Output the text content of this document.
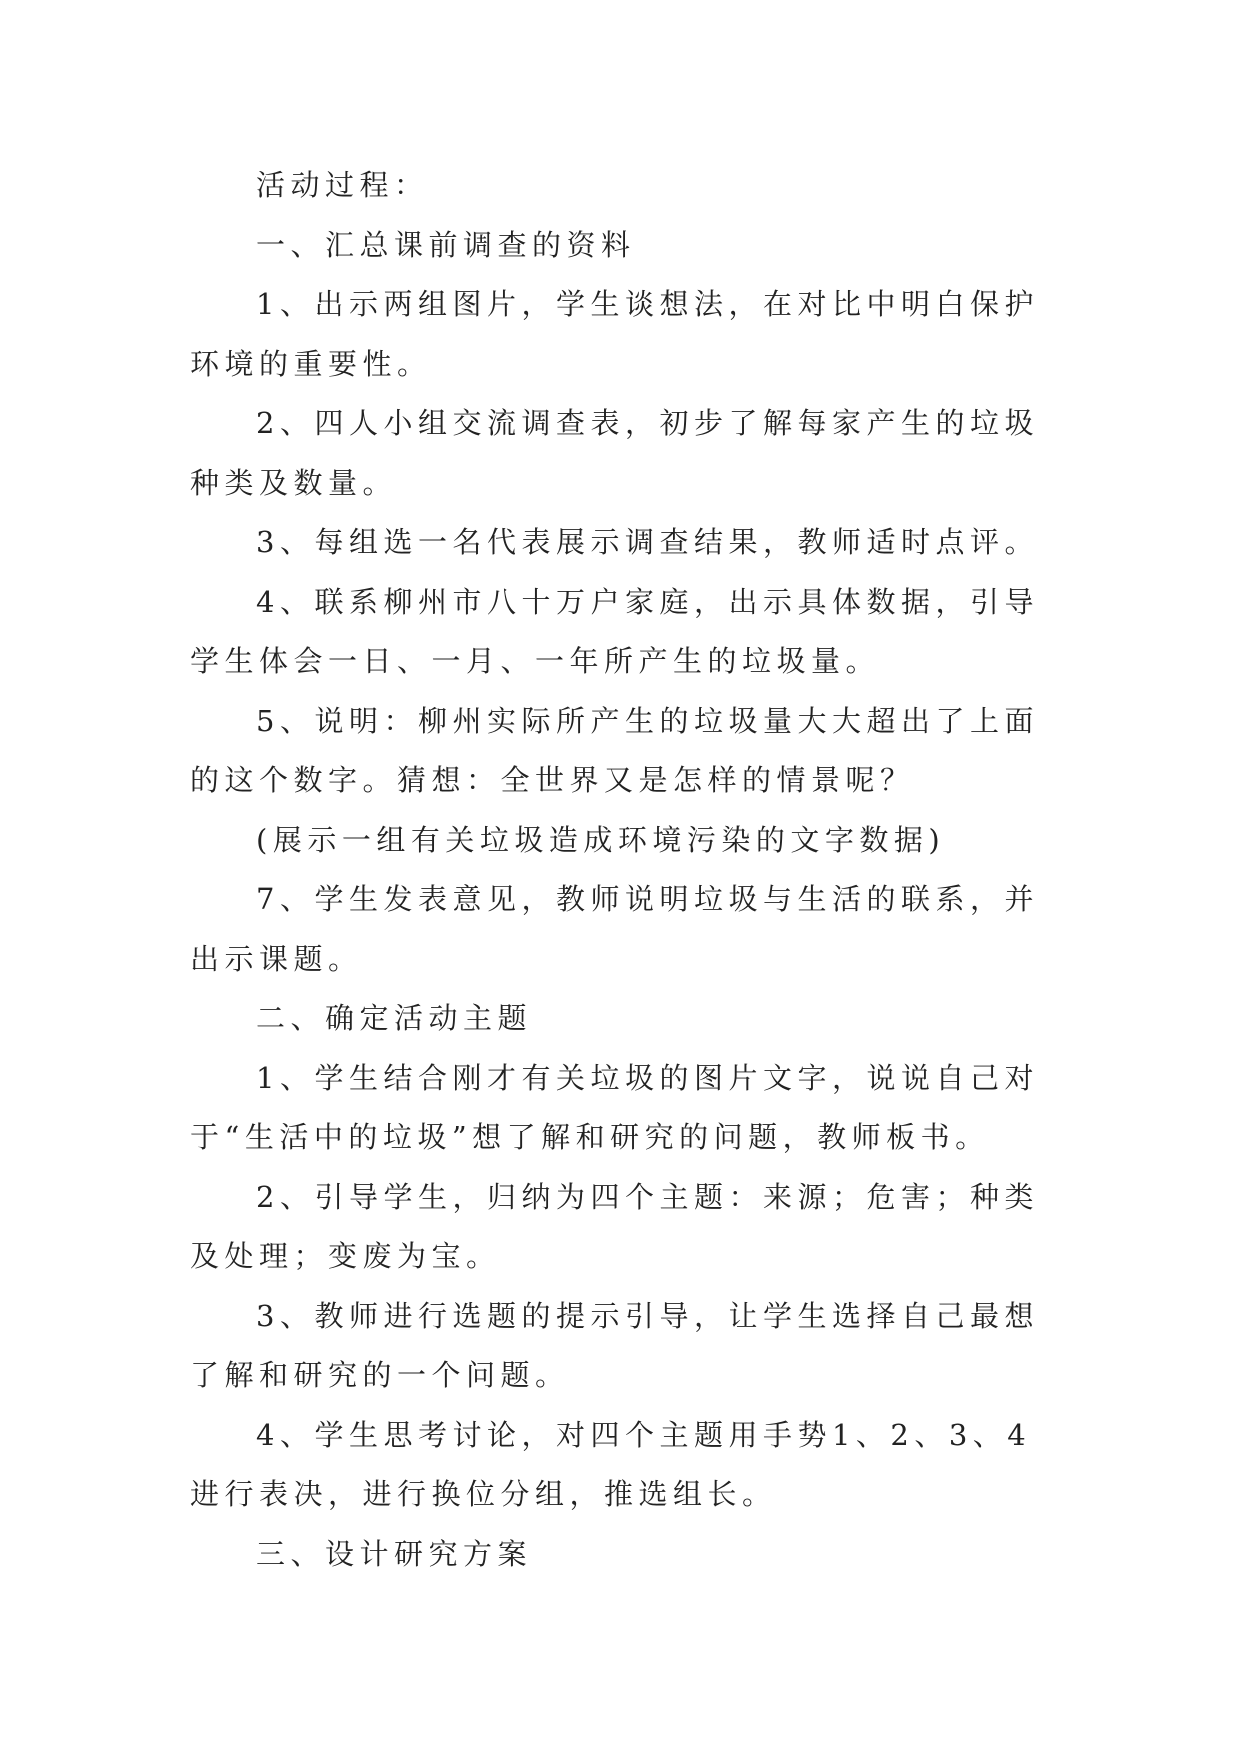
活动过程：

一、汇总课前调查的资料

1、出示两组图片，学生谈想法，在对比中明白保护环境的重要性。

2、四人小组交流调查表，初步了解每家产生的垃圾种类及数量。

3、每组选一名代表展示调查结果，教师适时点评。

4、联系柳州市八十万户家庭，出示具体数据，引导学生体会一日、一月、一年所产生的垃圾量。

5、说明：柳州实际所产生的垃圾量大大超出了上面的这个数字。猜想：全世界又是怎样的情景呢？

(展示一组有关垃圾造成环境污染的文字数据)

7、学生发表意见，教师说明垃圾与生活的联系，并出示课题。

二、确定活动主题

1、学生结合刚才有关垃圾的图片文字，说说自己对于“生活中的垃圾”想了解和研究的问题，教师板书。

2、引导学生，归纳为四个主题：来源；危害；种类及处理；变废为宝。

3、教师进行选题的提示引导，让学生选择自己最想了解和研究的一个问题。

4、学生思考讨论，对四个主题用手势1、2、3、4进行表决，进行换位分组，推选组长。

三、设计研究方案
